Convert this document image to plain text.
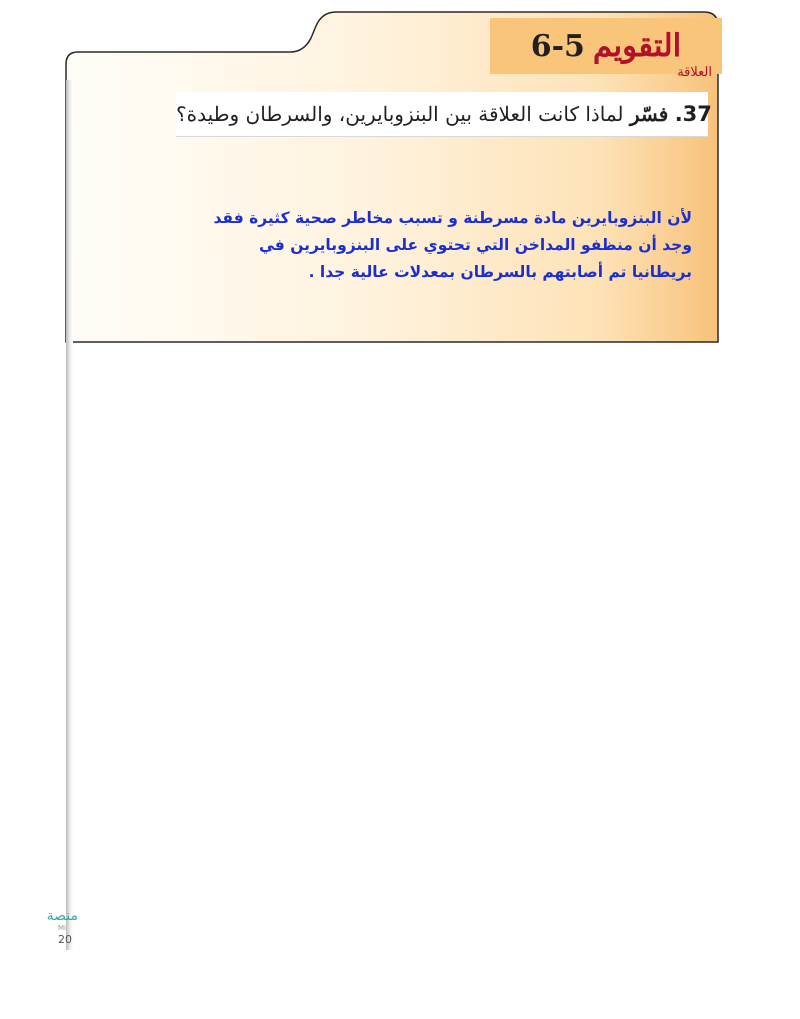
التقويم
6-5
العلاقة
37. فسّر لماذا كانت العلاقة بين البنزوبايرين، والسرطان وطيدة؟
لأن البنزوبايرين مادة مسرطنة و تسبب مخاطر صحية كثيرة فقد
وجد أن منظفو المداخن التي تحتوي على البنزوبايرين في
بريطانيا تم أصابتهم بالسرطان بمعدلات عالية جدا .
منصة
Mi
20
